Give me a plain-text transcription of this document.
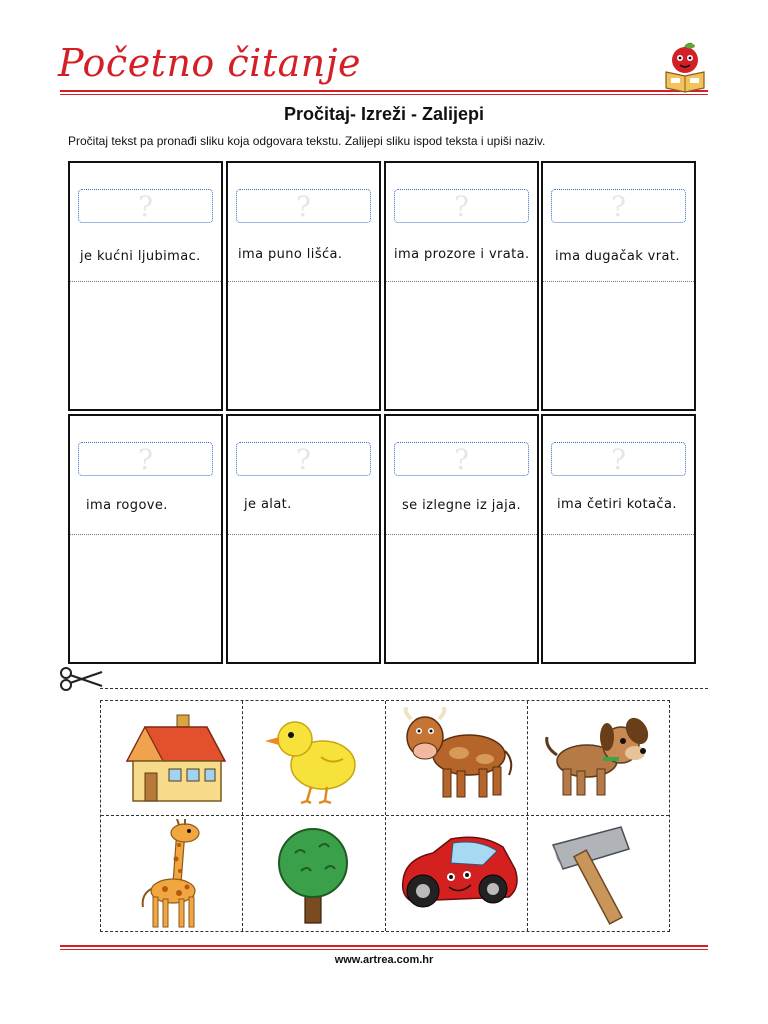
Početno čitanje
Pročitaj- Izreži - Zalijepi
Pročitaj tekst pa pronađi sliku koja odgovara tekstu. Zalijepi sliku ispod teksta i upiši naziv.
?
je kućni ljubimac.
?
ima puno lišća.
?
ima prozore i vrata.
?
ima dugačak vrat.
?
ima rogove.
?
je alat.
?
se izlegne iz jaja.
?
ima četiri kotača.
www.artrea.com.hr
